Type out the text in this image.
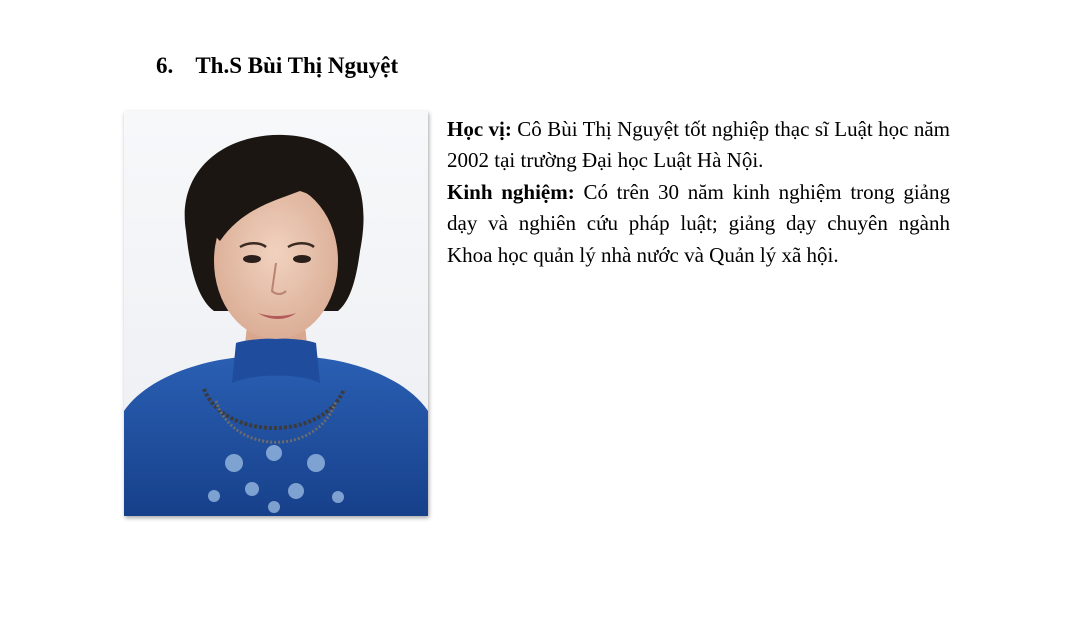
6. Th.S Bùi Thị Nguyệt

Học vị: Cô Bùi Thị Nguyệt tốt nghiệp thạc sĩ Luật học năm 2002 tại trường Đại học Luật Hà Nội.

Kinh nghiệm: Có trên 30 năm kinh nghiệm trong giảng dạy và nghiên cứu pháp luật; giảng dạy chuyên ngành Khoa học quản lý nhà nước và Quản lý xã hội.
